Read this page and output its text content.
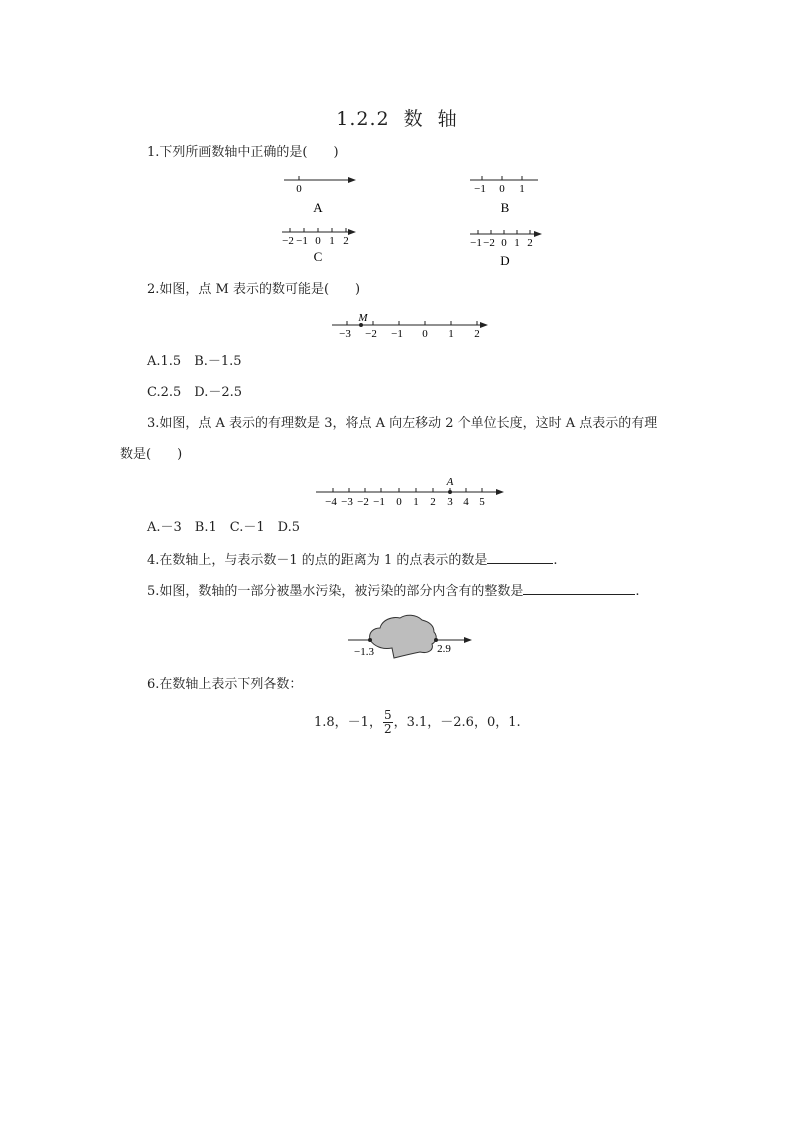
1.2.2 数 轴
1.下列所画数轴中正确的是(　　)
0
A
−1 0 1
B
−2 −1 0 1 2
C
−1 −2 0 1 2
D
2.如图，点 M 表示的数可能是(　　)
M
−3 −2 −1 0 1 2
A.1.5　B.－1.5
C.2.5　D.－2.5
3.如图，点 A 表示的有理数是 3，将点 A 向左移动 2 个单位长度，这时 A 点表示的有理
数是(　　)
A
−4 −3 −2 −1 0 1 2 3 4 5
A.－3　B.1　C.－1　D.5
4.在数轴上，与表示数－1 的点的距离为 1 的点表示的数是	.
5.如图，数轴的一部分被墨水污染，被污染的部分内含有的整数是	.
−1.3	2.9
6.在数轴上表示下列各数：
1.8，－1， $\frac{5}{2}$ ，3.1，－2.6，0，1.
